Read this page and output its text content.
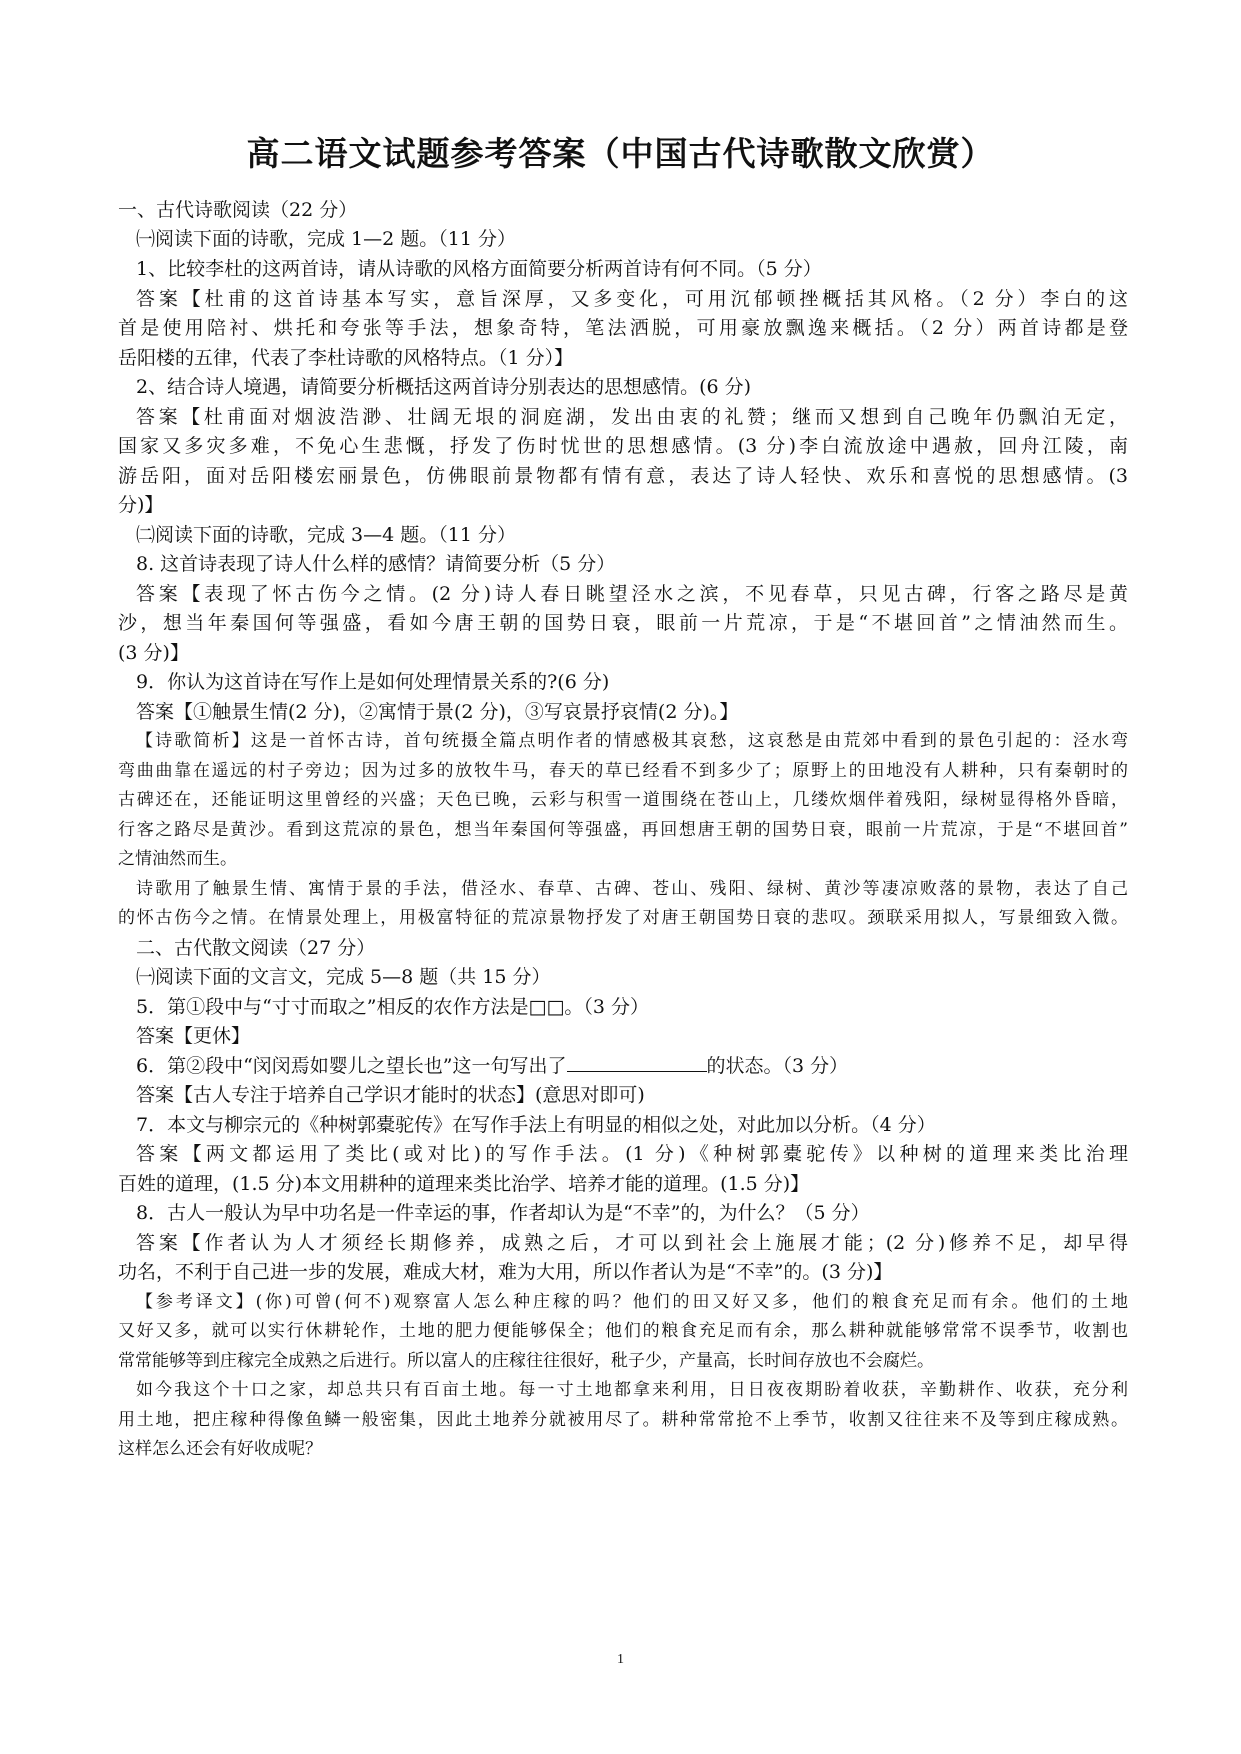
高二语文试题参考答案（中国古代诗歌散文欣赏）
一、古代诗歌阅读（22 分）
㈠阅读下面的诗歌，完成 1—2 题。（11 分）
1、比较李杜的这两首诗，请从诗歌的风格方面简要分析两首诗有何不同。（5 分）
答案【杜甫的这首诗基本写实，意旨深厚，又多变化，可用沉郁顿挫概括其风格。（2 分）李白的这
首是使用陪衬、烘托和夸张等手法，想象奇特，笔法洒脱，可用豪放飘逸来概括。（2 分）两首诗都是登
岳阳楼的五律，代表了李杜诗歌的风格特点。（1 分）】
2、结合诗人境遇，请简要分析概括这两首诗分别表达的思想感情。(6 分)
答案【杜甫面对烟波浩渺、壮阔无垠的洞庭湖，发出由衷的礼赞；继而又想到自己晚年仍飘泊无定，
国家又多灾多难，不免心生悲慨，抒发了伤时忧世的思想感情。(3 分)李白流放途中遇赦，回舟江陵，南
游岳阳，面对岳阳楼宏丽景色，仿佛眼前景物都有情有意，表达了诗人轻快、欢乐和喜悦的思想感情。(3
分)】
㈡阅读下面的诗歌，完成 3—4 题。（11 分）
8. 这首诗表现了诗人什么样的感情？请简要分析（5 分）
答案【表现了怀古伤今之情。(2 分)诗人春日眺望泾水之滨，不见春草，只见古碑，行客之路尽是黄
沙，想当年秦国何等强盛，看如今唐王朝的国势日衰，眼前一片荒凉，于是“不堪回首”之情油然而生。
(3 分)】
9．你认为这首诗在写作上是如何处理情景关系的?(6 分)
答案【①触景生情(2 分)，②寓情于景(2 分)，③写哀景抒哀情(2 分)。】
【诗歌简析】这是一首怀古诗，首句统摄全篇点明作者的情感极其哀愁，这哀愁是由荒郊中看到的景色引起的：泾水弯
弯曲曲靠在遥远的村子旁边；因为过多的放牧牛马，春天的草已经看不到多少了；原野上的田地没有人耕种，只有秦朝时的
古碑还在，还能证明这里曾经的兴盛；天色已晚，云彩与积雪一道围绕在苍山上，几缕炊烟伴着残阳，绿树显得格外昏暗，
行客之路尽是黄沙。看到这荒凉的景色，想当年秦国何等强盛，再回想唐王朝的国势日衰，眼前一片荒凉，于是“不堪回首”
之情油然而生。
诗歌用了触景生情、寓情于景的手法，借泾水、春草、古碑、苍山、残阳、绿树、黄沙等凄凉败落的景物，表达了自己
的怀古伤今之情。在情景处理上，用极富特征的荒凉景物抒发了对唐王朝国势日衰的悲叹。颈联采用拟人，写景细致入微。
二、古代散文阅读（27 分）
㈠阅读下面的文言文，完成 5—8 题（共 15 分）
5．第①段中与“寸寸而取之”相反的农作方法是□□。（3 分）
答案【更休】
6．第②段中“闵闵焉如婴儿之望长也”这一句写出了	的状态。（3 分）
答案【古人专注于培养自己学识才能时的状态】(意思对即可)
7．本文与柳宗元的《种树郭橐驼传》在写作手法上有明显的相似之处，对此加以分析。（4 分）
答案【两文都运用了类比(或对比)的写作手法。(1 分)《种树郭橐驼传》以种树的道理来类比治理
百姓的道理，(1.5 分)本文用耕种的道理来类比治学、培养才能的道理。(1.5 分)】
8．古人一般认为早中功名是一件幸运的事，作者却认为是“不幸”的，为什么？（5 分）
答案【作者认为人才须经长期修养，成熟之后，才可以到社会上施展才能；(2 分)修养不足，却早得
功名，不利于自己进一步的发展，难成大材，难为大用，所以作者认为是“不幸”的。(3 分)】
【参考译文】(你)可曾(何不)观察富人怎么种庄稼的吗？他们的田又好又多，他们的粮食充足而有余。他们的土地
又好又多，就可以实行休耕轮作，土地的肥力便能够保全；他们的粮食充足而有余，那么耕种就能够常常不误季节，收割也
常常能够等到庄稼完全成熟之后进行。所以富人的庄稼往往很好，秕子少，产量高，长时间存放也不会腐烂。
如今我这个十口之家，却总共只有百亩土地。每一寸土地都拿来利用，日日夜夜期盼着收获，辛勤耕作、收获，充分利
用土地，把庄稼种得像鱼鳞一般密集，因此土地养分就被用尽了。耕种常常抢不上季节，收割又往往来不及等到庄稼成熟。
这样怎么还会有好收成呢？
1
